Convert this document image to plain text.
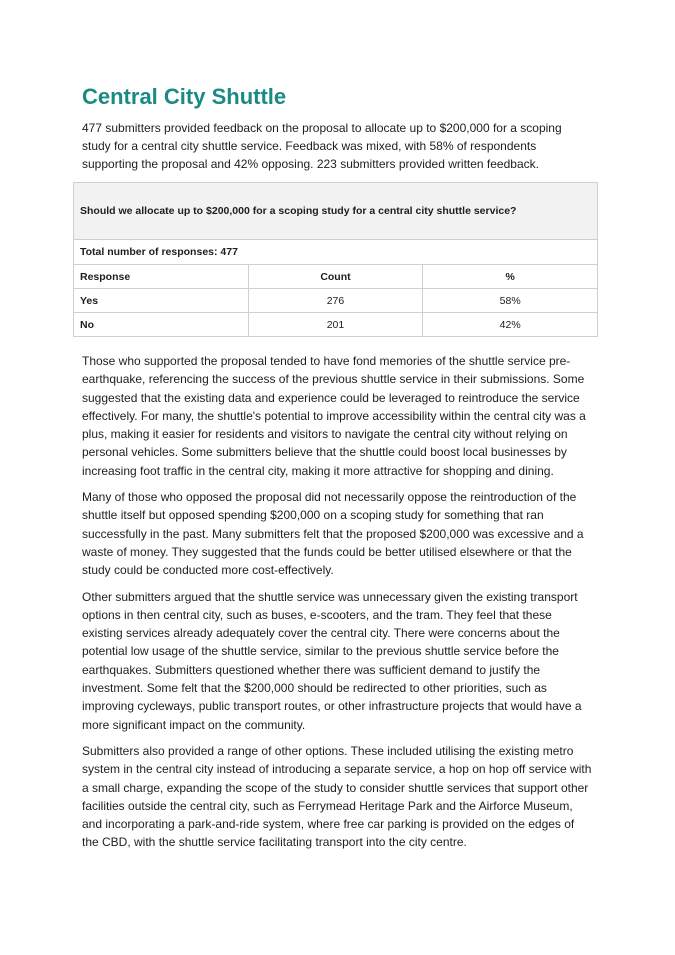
Central City Shuttle

477 submitters provided feedback on the proposal to allocate up to $200,000 for a scoping study for a central city shuttle service. Feedback was mixed, with 58% of respondents supporting the proposal and 42% opposing. 223 submitters provided written feedback.

Should we allocate up to $200,000 for a scoping study for a central city shuttle service?		
Total number of responses: 477		
Response	Count	%
Yes	276	58%
No	201	42%

Those who supported the proposal tended to have fond memories of the shuttle service pre-earthquake, referencing the success of the previous shuttle service in their submissions. Some suggested that the existing data and experience could be leveraged to reintroduce the service effectively. For many, the shuttle's potential to improve accessibility within the central city was a plus, making it easier for residents and visitors to navigate the central city without relying on personal vehicles. Some submitters believe that the shuttle could boost local businesses by increasing foot traffic in the central city, making it more attractive for shopping and dining.

Many of those who opposed the proposal did not necessarily oppose the reintroduction of the shuttle itself but opposed spending $200,000 on a scoping study for something that ran successfully in the past. Many submitters felt that the proposed $200,000 was excessive and a waste of money. They suggested that the funds could be better utilised elsewhere or that the study could be conducted more cost-effectively.

Other submitters argued that the shuttle service was unnecessary given the existing transport options in then central city, such as buses, e-scooters, and the tram. They feel that these existing services already adequately cover the central city. There were concerns about the potential low usage of the shuttle service, similar to the previous shuttle service before the earthquakes. Submitters questioned whether there was sufficient demand to justify the investment. Some felt that the $200,000 should be redirected to other priorities, such as improving cycleways, public transport routes, or other infrastructure projects that would have a more significant impact on the community.

Submitters also provided a range of other options. These included utilising the existing metro system in the central city instead of introducing a separate service, a hop on hop off service with a small charge, expanding the scope of the study to consider shuttle services that support other facilities outside the central city, such as Ferrymead Heritage Park and the Airforce Museum, and incorporating a park-and-ride system, where free car parking is provided on the edges of the CBD, with the shuttle service facilitating transport into the city centre.
